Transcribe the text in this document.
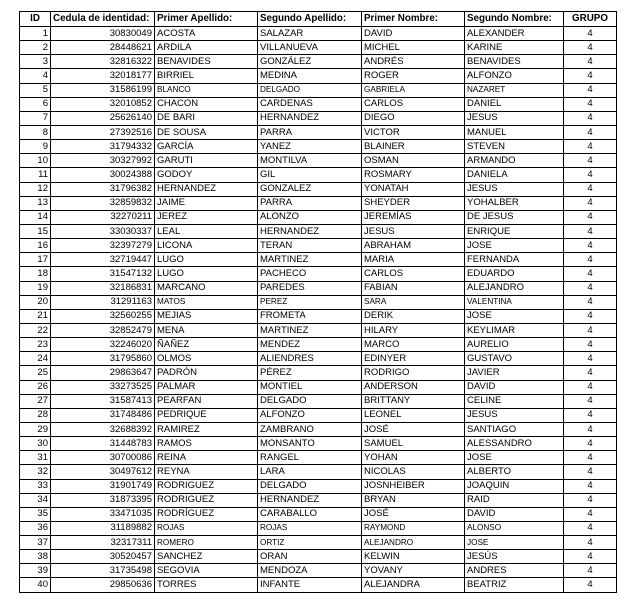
ID	Cedula de identidad:	Primer Apellido:	Segundo Apellido:	Primer Nombre:	Segundo Nombre:	GRUPO
1	30830049	ACOSTA	SALAZAR	DAVID	ALEXANDER	4
2	28448621	ARDILA	VILLANUEVA	MICHEL	KARINE	4
3	32816322	BENAVIDES	GONZÁLEZ	ANDRÉS	BENAVIDES	4
4	32018177	BIRRIEL	MEDINA	ROGER	ALFONZO	4
5	31586199	BLANCO	DELGADO	GABRIELA	NAZARET	4
6	32010852	CHACON	CARDENAS	CARLOS	DANIEL	4
7	25626140	DE BARI	HERNANDEZ	DIEGO	JESUS	4
8	27392516	DE SOUSA	PARRA	VICTOR	MANUEL	4
9	31794332	GARCÍA	YANEZ	BLAINER	STEVEN	4
10	30327992	GARUTI	MONTILVA	OSMAN	ARMANDO	4
11	30024388	GODOY	GIL	ROSMARY	DANIELA	4
12	31796382	HERNANDEZ	GONZALEZ	YONATAH	JESUS	4
13	32859832	JAIME	PARRA	SHEYDER	YOHALBER	4
14	32270211	JEREZ	ALONZO	JEREMÍAS	DE JESUS	4
15	33030337	LEAL	HERNANDEZ	JESUS	ENRIQUE	4
16	32397279	LICONA	TERAN	ABRAHAM	JOSE	4
17	32719447	LUGO	MARTINEZ	MARIA	FERNANDA	4
18	31547132	LUGO	PACHECO	CARLOS	EDUARDO	4
19	32186831	MARCANO	PAREDES	FABIAN	ALEJANDRO	4
20	31291163	MATOS	PEREZ	SARA	VALENTINA	4
21	32560255	MEJIAS	FROMETA	DERIK	JOSE	4
22	32852479	MENA	MARTINEZ	HILARY	KEYLIMAR	4
23	32246020	ÑAÑEZ	MENDEZ	MARCO	AURELIO	4
24	31795860	OLMOS	ALIENDRES	EDINYER	GUSTAVO	4
25	29863647	PADRÓN	PÉREZ	RODRIGO	JAVIER	4
26	33273525	PALMAR	MONTIEL	ANDERSON	DAVID	4
27	31587413	PEARFAN	DELGADO	BRITTANY	CELINE	4
28	31748486	PEDRIQUE	ALFONZO	LEONEL	JESUS	4
29	32688392	RAMIREZ	ZAMBRANO	JOSÉ	SANTIAGO	4
30	31448783	RAMOS	MONSANTO	SAMUEL	ALESSANDRO	4
31	30700086	REINA	RANGEL	YOHAN	JOSE	4
32	30497612	REYNA	LARA	NICOLAS	ALBERTO	4
33	31901749	RODRIGUEZ	DELGADO	JOSNHEIBER	JOAQUIN	4
34	31873395	RODRIGUEZ	HERNANDEZ	BRYAN	RAID	4
35	33471035	RODRÍGUEZ	CARABALLO	JOSÉ	DAVID	4
36	31189882	ROJAS	ROJAS	RAYMOND	ALONSO	4
37	32317311	ROMERO	ORTIZ	ALEJANDRO	JOSE	4
38	30520457	SANCHEZ	ORAN	KELWIN	JESÚS	4
39	31735498	SEGOVIA	MENDOZA	YOVANY	ANDRES	4
40	29850636	TORRES	INFANTE	ALEJANDRA	BEATRIZ	4
